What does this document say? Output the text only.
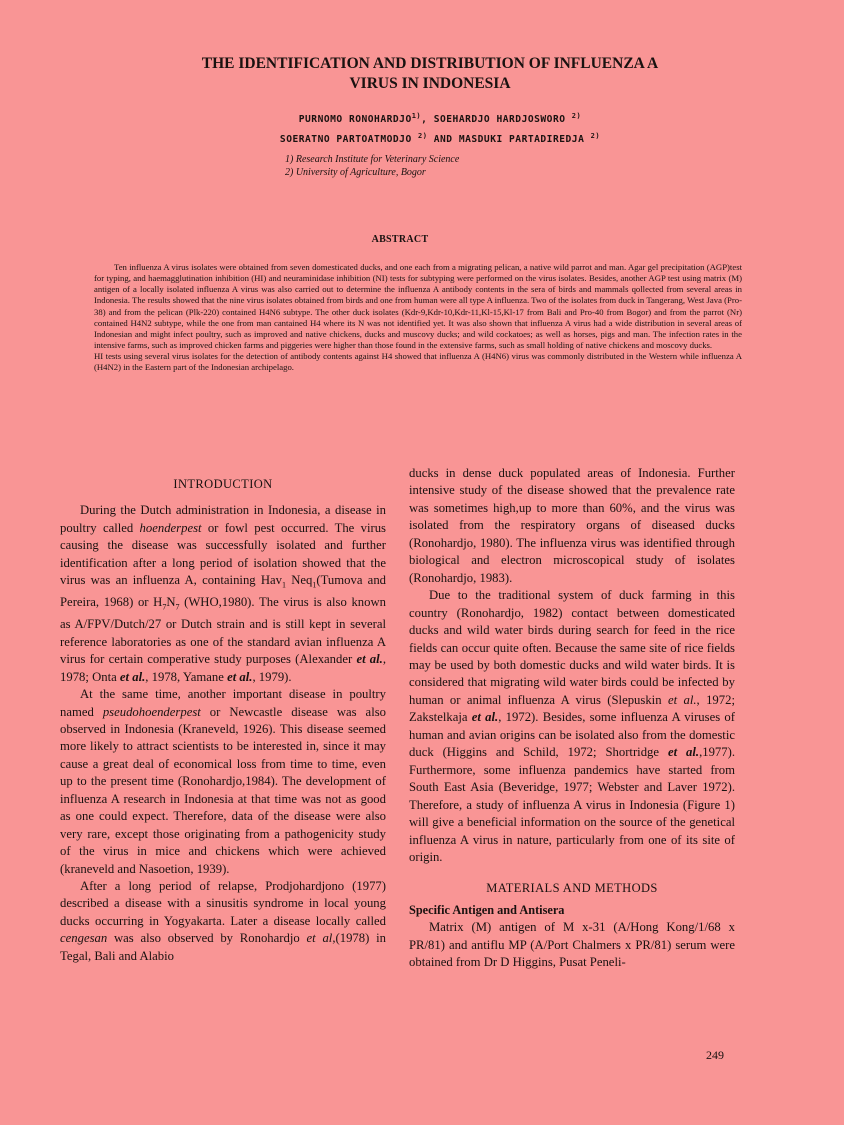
THE IDENTIFICATION AND DISTRIBUTION OF INFLUENZA A
VIRUS IN INDONESIA
PURNOMO RONOHARDJO$^{1)}$, SOEHARDJO HARDJOSWORO $^{2)}$
SOERATNO PARTOATMODJO $^{2)}$ AND MASDUKI PARTADIREDJA $^{2)}$
1) Research Institute for Veterinary Science
2) University of Agriculture, Bogor
ABSTRACT

Ten influenza A virus isolates were obtained from seven domesticated ducks, and one each from a migrating pelican, a native wild parrot and man. Agar gel precipitation (AGP)test for typing, and haemagglutination inhibition (HI) and neuraminidase inhibition (NI) tests for subtyping were performed on the virus isolates. Besides, another AGP test using matrix (M) antigen of a locally isolated influenza A virus was also carried out to determine the influenza A antibody contents in the sera of birds and mammals qollected from several areas in Indonesia. The results showed that the nine virus isolates obtained from birds and one from human were all type A influenza. Two of the isolates from duck in Tangerang, West Java (Pro-38) and from the pelican (Plk-220) contained H4N6 subtype. The other duck isolates (Kdr-9,Kdr-10,Kdr-11,Kl-15,Kl-17 from Bali and Pro-40 from Bogor) and from the parrot (Nr) contained H4N2 subtype, while the one from man cantained H4 where its N was not identified yet. It was also shown that influenza A virus had a wide distribution in several areas of Indonesian and might infect poultry, such as improved and native chickens, ducks and muscovy ducks; and wild cockatoes; as well as horses, pigs and man. The infection rates in the intensive farms, such as improved chicken farms and piggeries were higher than those found in the extensive farms, such as small holding of native chickens and moscovy ducks.

HI tests using several virus isolates for the detection of antibody contents against H4 showed that influenza A (H4N6) virus was commonly distributed in the Western while influenza A (H4N2) in the Eastern part of the Indonesian archipelago.

INTRODUCTION

During the Dutch administration in Indonesia, a disease in poultry called hoenderpest or fowl pest occurred. The virus causing the disease was successfully isolated and further identification after a long period of isolation showed that the virus was an influenza A, containing Hav$_1$ Neq$_1$(Tumova and Pereira, 1968) or $H_7N_7$ (WHO,1980). The virus is also known as A/FPV/Dutch/27 or Dutch strain and is still kept in several reference laboratories as one of the standard avian influenza A virus for certain comperative study purposes (Alexander et al., 1978; Onta et al., 1978, Yamane et al., 1979).

At the same time, another important disease in poultry named pseudohoenderpest or Newcastle disease was also observed in Indonesia (Kraneveld, 1926). This disease seemed more likely to attract scientists to be interested in, since it may cause a great deal of economical loss from time to time, even up to the present time (Ronohardjo,1984). The development of influenza A research in Indonesia at that time was not as good as one could expect. Therefore, data of the disease were also very rare, except those originating from a pathogenicity study of the virus in mice and chickens which were achieved (kraneveld and Nasoetion, 1939).

After a long period of relapse, Prodjohardjono (1977) described a disease with a sinusitis syndrome in local young ducks occurring in Yogyakarta. Later a disease locally called cengesan was also observed by Ronohardjo et al,(1978) in Tegal, Bali and Alabio

ducks in dense duck populated areas of Indonesia. Further intensive study of the disease showed that the prevalence rate was sometimes high,up to more than 60%, and the virus was isolated from the respiratory organs of diseased ducks (Ronohardjo, 1980). The influenza virus was identified through biological and electron microscopical study of isolates (Ronohardjo, 1983).

Due to the traditional system of duck farming in this country (Ronohardjo, 1982) contact between domesticated ducks and wild water birds during search for feed in the rice fields can occur quite often. Because the same site of rice fields may be used by both domestic ducks and wild water birds. It is considered that migrating wild water birds could be infected by human or animal influenza A virus (Slepuskin et al., 1972; Zakstelkaja et al., 1972). Besides, some influenza A viruses of human and avian origins can be isolated also from the domestic duck (Higgins and Schild, 1972; Shortridge et al.,1977). Furthermore, some influenza pandemics have started from South East Asia (Beveridge, 1977; Webster and Laver 1972). Therefore, a study of influenza A virus in Indonesia (Figure 1) will give a beneficial information on the source of the genetical influenza A virus in nature, particularly from one of its site of origin.

MATERIALS AND METHODS

Specific Antigen and Antisera

Matrix (M) antigen of M x-31 (A/Hong Kong/1/68 x PR/81) and antiflu MP (A/Port Chalmers x PR/81) serum were obtained from Dr D Higgins, Pusat Peneli-

249
